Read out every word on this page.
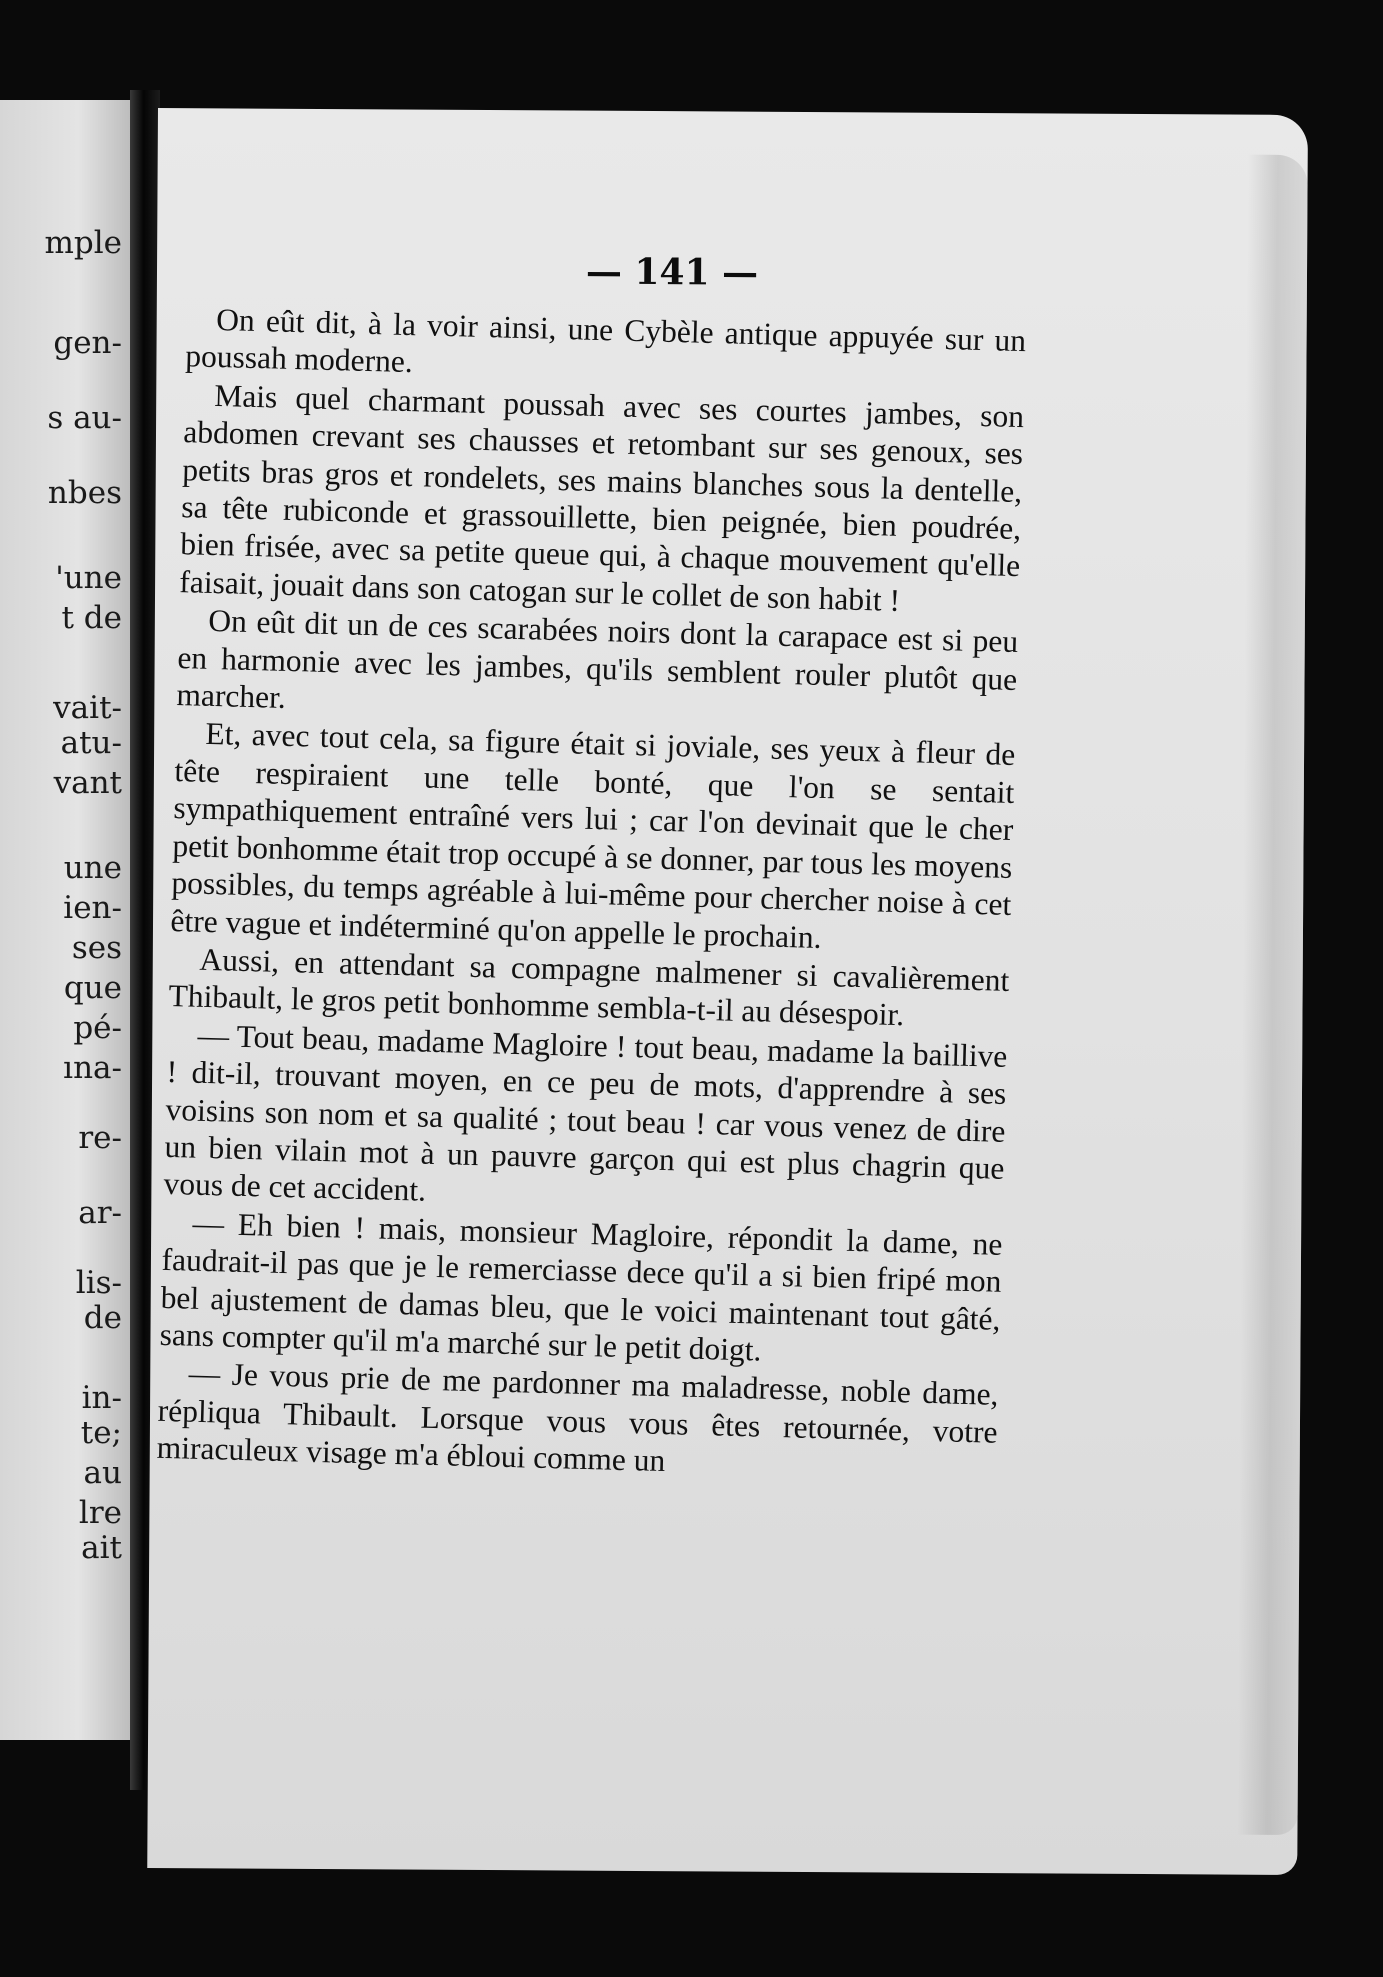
mple
gen-
s au-
nbes
'une
t de
vait-
atu-
vant
une
ien-
ses
que
pé-
ına-
re-
ar-
lis-
de
in-
te;
au
lre
ait
— 141 —

On eût dit, à la voir ainsi, une Cybèle antique appuyée sur un poussah moderne.

Mais quel charmant poussah avec ses courtes jambes, son abdomen crevant ses chausses et retombant sur ses genoux, ses petits bras gros et rondelets, ses mains blanches sous la dentelle, sa tête rubiconde et grassouillette, bien peignée, bien poudrée, bien frisée, avec sa petite queue qui, à chaque mouvement qu'elle faisait, jouait dans son catogan sur le collet de son habit !

On eût dit un de ces scarabées noirs dont la carapace est si peu en harmonie avec les jambes, qu'ils semblent rouler plutôt que marcher.

Et, avec tout cela, sa figure était si joviale, ses yeux à fleur de tête respiraient une telle bonté, que l'on se sentait sympathiquement entraîné vers lui ; car l'on devinait que le cher petit bonhomme était trop occupé à se donner, par tous les moyens possibles, du temps agréable à lui-même pour chercher noise à cet être vague et indéterminé qu'on appelle le prochain.

Aussi, en attendant sa compagne malmener si cavalièrement Thibault, le gros petit bonhomme sembla-t-il au désespoir.

— Tout beau, madame Magloire ! tout beau, madame la baillive ! dit-il, trouvant moyen, en ce peu de mots, d'apprendre à ses voisins son nom et sa qualité ; tout beau ! car vous venez de dire un bien vilain mot à un pauvre garçon qui est plus chagrin que vous de cet accident.

— Eh bien ! mais, monsieur Magloire, répondit la dame, ne faudrait-il pas que je le remerciasse dece qu'il a si bien fripé mon bel ajustement de damas bleu, que le voici maintenant tout gâté, sans compter qu'il m'a marché sur le petit doigt.

— Je vous prie de me pardonner ma maladresse, noble dame, répliqua Thibault. Lorsque vous vous êtes retournée, votre miraculeux visage m'a ébloui comme un
